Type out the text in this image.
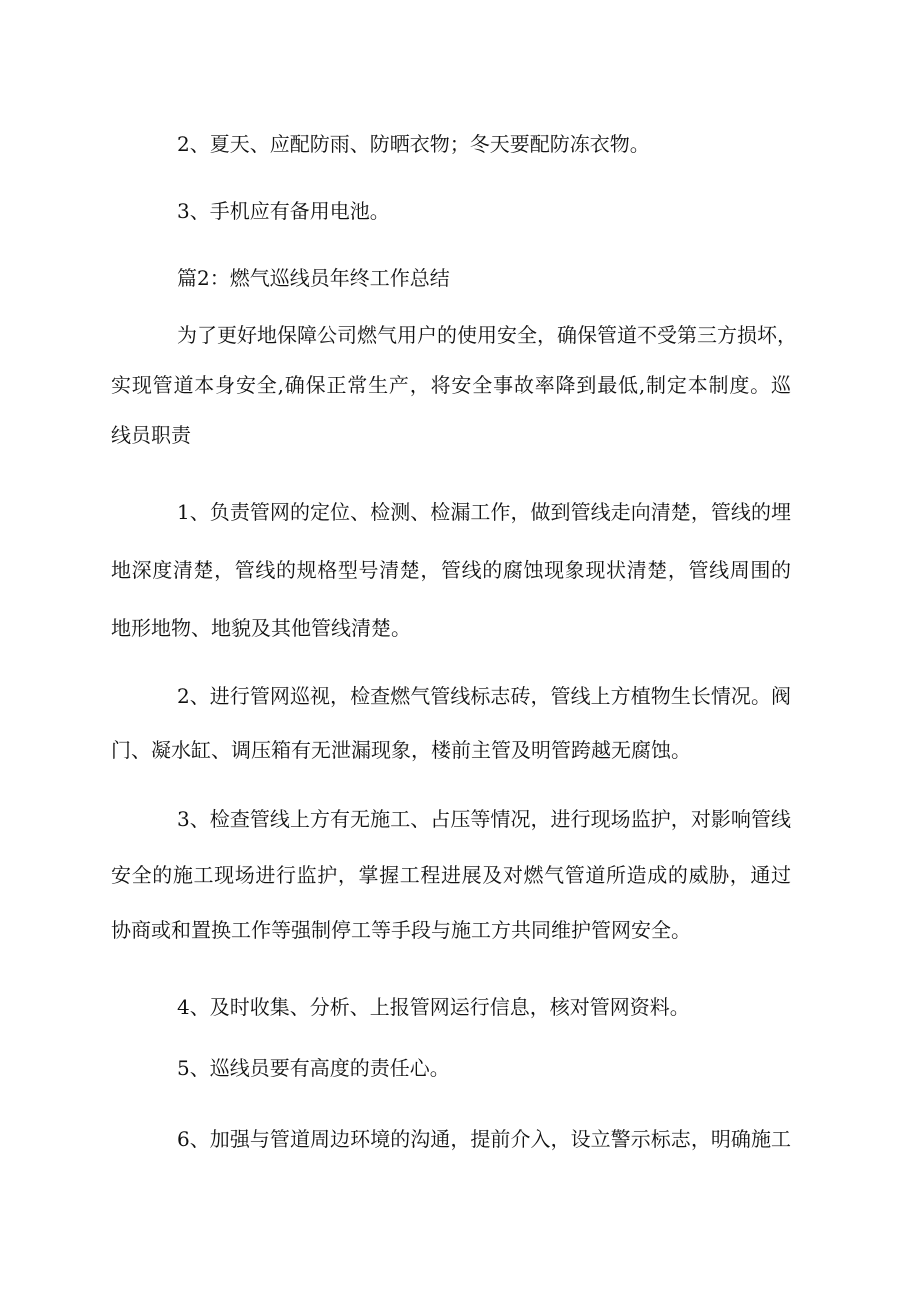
2、夏天、应配防雨、防晒衣物；冬天要配防冻衣物。

3、手机应有备用电池。

篇2：燃气巡线员年终工作总结

为了更好地保障公司燃气用户的使用安全，确保管道不受第三方损坏，

实现管道本身安全,确保正常生产，将安全事故率降到最低,制定本制度。巡

线员职责

1、负责管网的定位、检测、检漏工作，做到管线走向清楚，管线的埋

地深度清楚，管线的规格型号清楚，管线的腐蚀现象现状清楚，管线周围的

地形地物、地貌及其他管线清楚。

2、进行管网巡视，检查燃气管线标志砖，管线上方植物生长情况。阀

门、凝水缸、调压箱有无泄漏现象，楼前主管及明管跨越无腐蚀。

3、检查管线上方有无施工、占压等情况，进行现场监护，对影响管线

安全的施工现场进行监护，掌握工程进展及对燃气管道所造成的威胁，通过

协商或和置换工作等强制停工等手段与施工方共同维护管网安全。

4、及时收集、分析、上报管网运行信息，核对管网资料。

5、巡线员要有高度的责任心。

6、加强与管道周边环境的沟通，提前介入，设立警示标志，明确施工
